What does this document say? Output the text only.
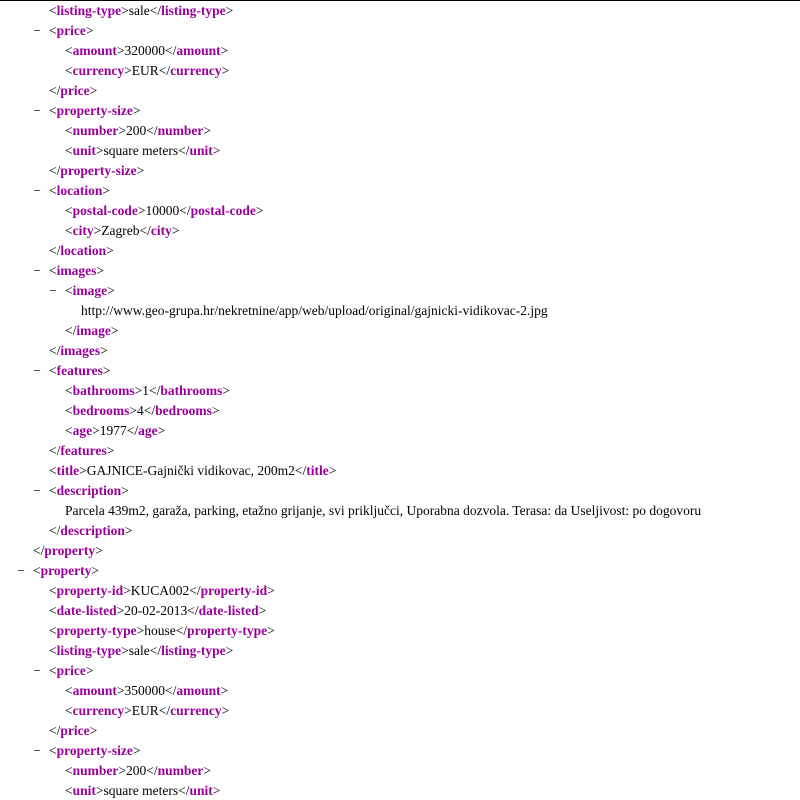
<listing-type>sale</listing-type>
− <price>
<amount>320000</amount>
<currency>EUR</currency>
</price>
− <property-size>
<number>200</number>
<unit>square meters</unit>
</property-size>
− <location>
<postal-code>10000</postal-code>
<city>Zagreb</city>
</location>
− <images>
− <image>
http://www.geo-grupa.hr/nekretnine/app/web/upload/original/gajnicki-vidikovac-2.jpg
</image>
</images>
− <features>
<bathrooms>1</bathrooms>
<bedrooms>4</bedrooms>
<age>1977</age>
</features>
<title>GAJNICE-Gajnički vidikovac, 200m2</title>
− <description>
Parcela 439m2, garaža, parking, etažno grijanje, svi priključci, Uporabna dozvola. Terasa: da Useljivost: po dogovoru
</description>
</property>
− <property>
<property-id>KUCA002</property-id>
<date-listed>20-02-2013</date-listed>
<property-type>house</property-type>
<listing-type>sale</listing-type>
− <price>
<amount>350000</amount>
<currency>EUR</currency>
</price>
− <property-size>
<number>200</number>
<unit>square meters</unit>
